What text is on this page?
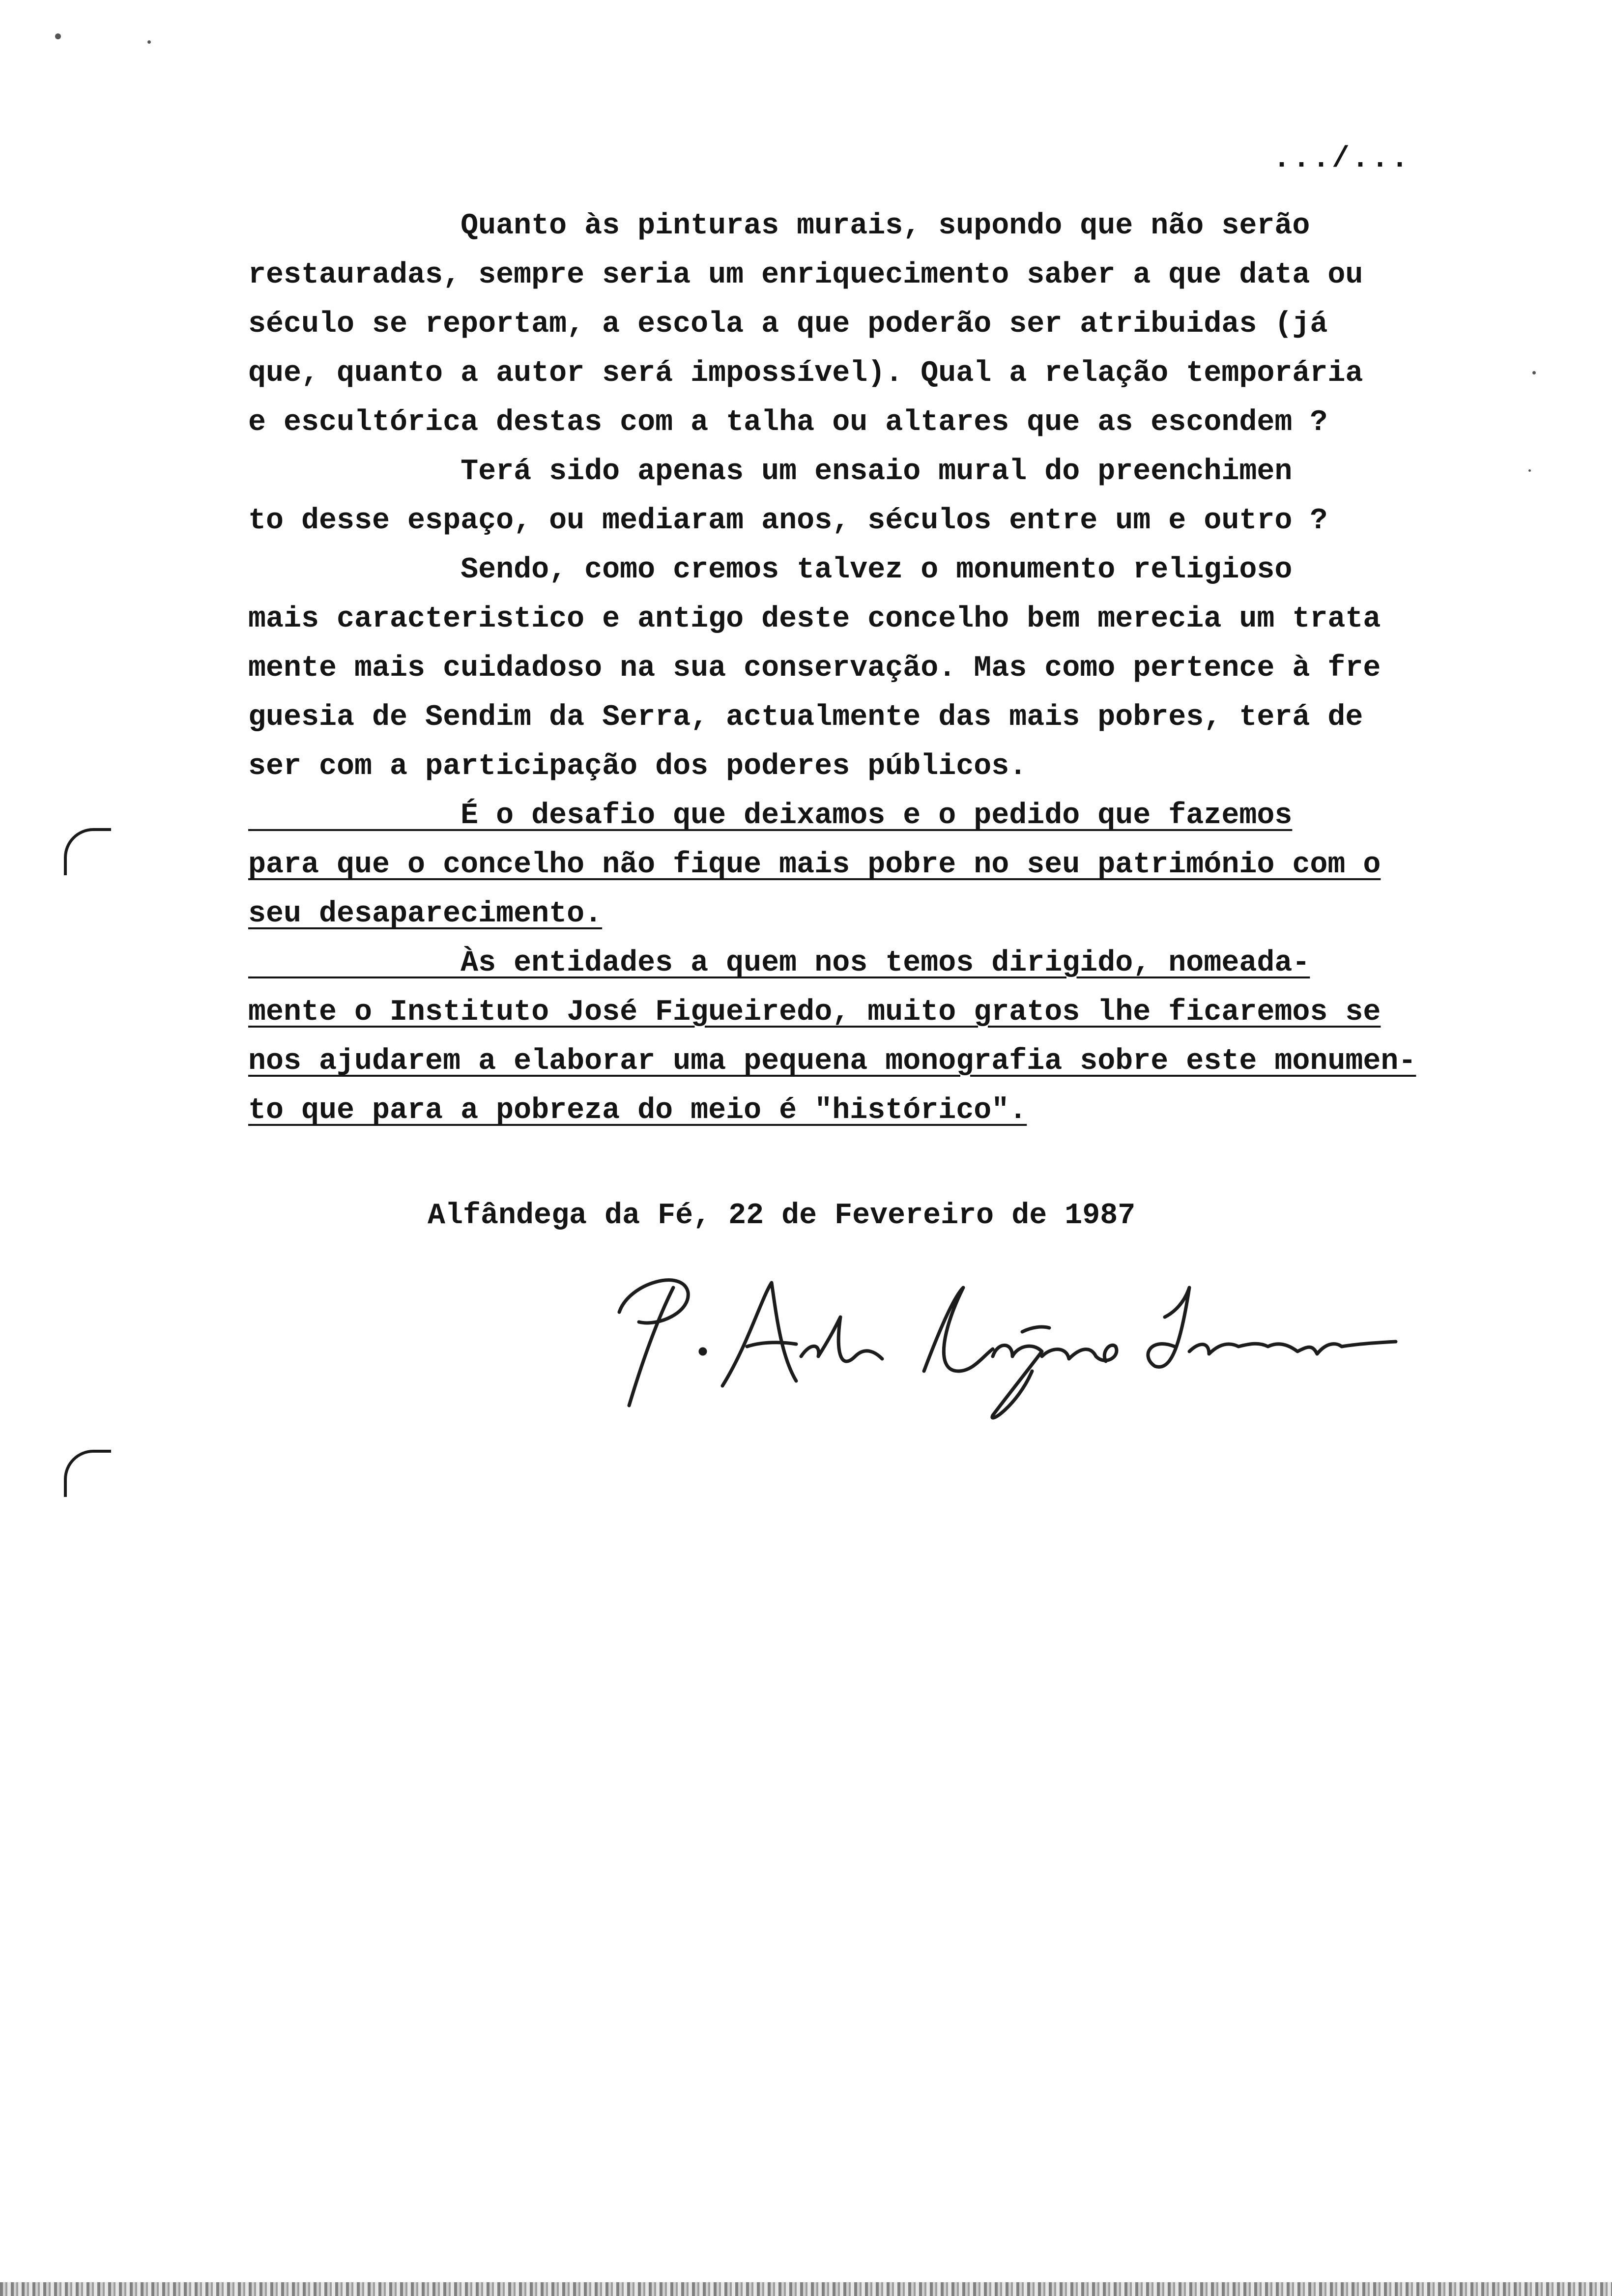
.../...
Quanto às pinturas murais, supondo que não serão
restauradas, sempre seria um enriquecimento saber a que data ou
século se reportam, a escola a que poderão ser atribuidas (já
que, quanto a autor será impossível). Qual a relação temporária
e escultórica destas com a talha ou altares que as escondem ?
Terá sido apenas um ensaio mural do preenchimen
to desse espaço, ou mediaram anos, séculos entre um e outro ?
Sendo, como cremos talvez o monumento religioso
mais caracteristico e antigo deste concelho bem merecia um trata
mente mais cuidadoso na sua conservação. Mas como pertence à fre
guesia de Sendim da Serra, actualmente das mais pobres, terá de
ser com a participação dos poderes públicos.
É o desafio que deixamos e o pedido que fazemos
para que o concelho não fique mais pobre no seu património com o
seu desaparecimento.
Às entidades a quem nos temos dirigido, nomeada-
mente o Instituto José Figueiredo, muito gratos lhe ficaremos se
nos ajudarem a elaborar uma pequena monografia sobre este monumen-
to que para a pobreza do meio é "histórico".
Alfândega da Fé, 22 de Fevereiro de 1987
